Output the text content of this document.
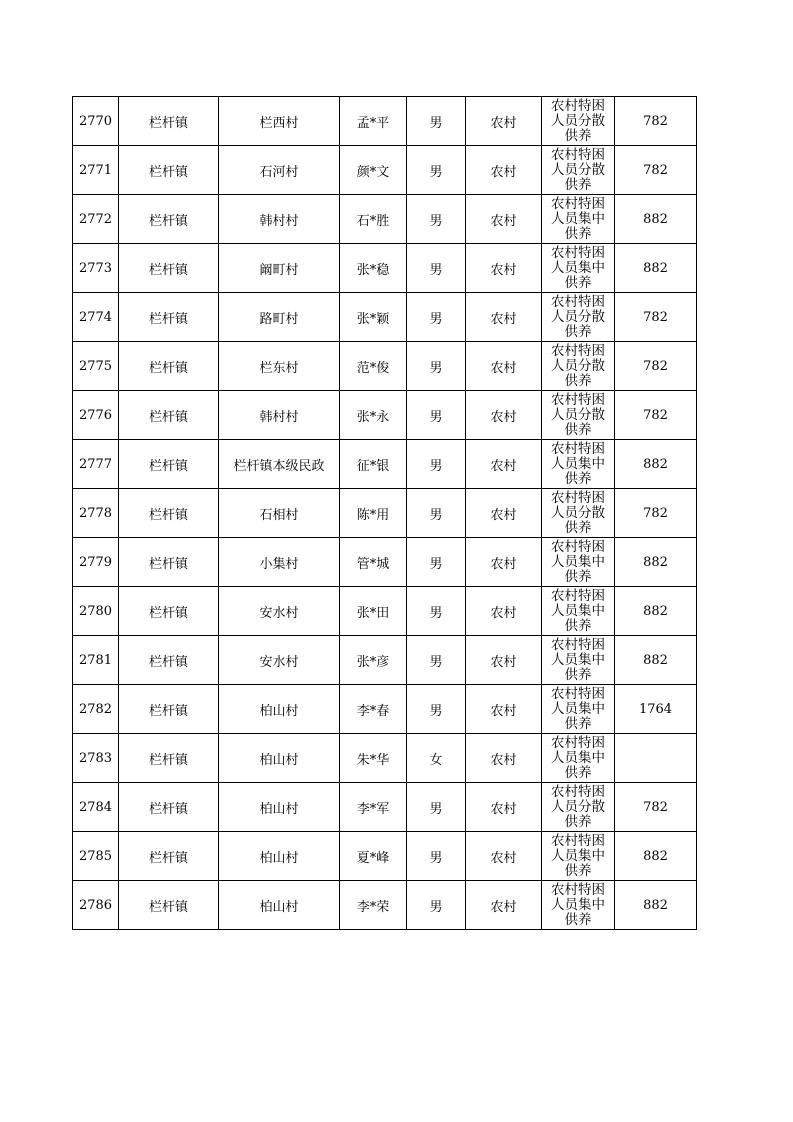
2770	栏杆镇	栏西村	孟*平	男	农村	农村特困
人员分散
供养	782
2771	栏杆镇	石河村	颜*文	男	农村	农村特困
人员分散
供养	782
2772	栏杆镇	韩村村	石*胜	男	农村	农村特困
人员集中
供养	882
2773	栏杆镇	阚町村	张*稳	男	农村	农村特困
人员集中
供养	882
2774	栏杆镇	路町村	张*颖	男	农村	农村特困
人员分散
供养	782
2775	栏杆镇	栏东村	范*俊	男	农村	农村特困
人员分散
供养	782
2776	栏杆镇	韩村村	张*永	男	农村	农村特困
人员分散
供养	782
2777	栏杆镇	栏杆镇本级民政	征*银	男	农村	农村特困
人员集中
供养	882
2778	栏杆镇	石相村	陈*用	男	农村	农村特困
人员分散
供养	782
2779	栏杆镇	小集村	管*城	男	农村	农村特困
人员集中
供养	882
2780	栏杆镇	安水村	张*田	男	农村	农村特困
人员集中
供养	882
2781	栏杆镇	安水村	张*彦	男	农村	农村特困
人员集中
供养	882
2782	栏杆镇	柏山村	李*春	男	农村	农村特困
人员集中
供养	1764
2783	栏杆镇	柏山村	朱*华	女	农村	农村特困
人员集中
供养	

2784	栏杆镇	柏山村	李*军	男	农村	农村特困
人员分散
供养	782
2785	栏杆镇	柏山村	夏*峰	男	农村	农村特困
人员集中
供养	882
2786	栏杆镇	柏山村	李*荣	男	农村	农村特困
人员集中
供养	882
